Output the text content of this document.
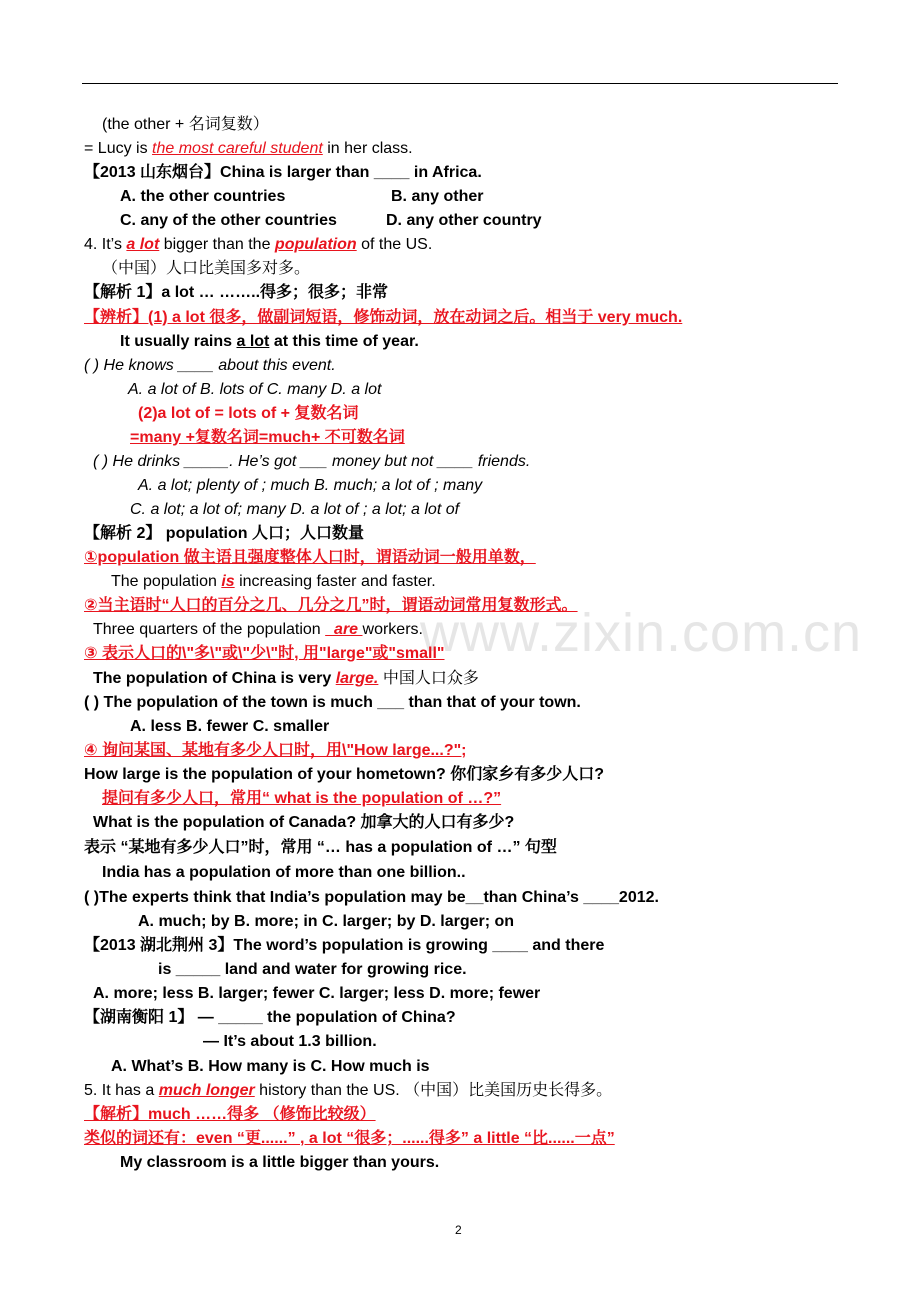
www.zixin.com.cn
(the other + 名词复数）
= Lucy is the most careful student in her class.
【2013 山东烟台】China is larger than ____ in Africa.
A. the other countries	B. any other
C. any of the other countries	D. any other country
4. It’s a lot bigger than the population of the US.
（中国）人口比美国多对多。
【解析 1】a lot … ……..得多；很多；非常
【辨析】(1) a lot 很多，做副词短语，修饰动词，放在动词之后。相当于 very much.
It usually rains a lot at this time of year.
( ) He knows ____ about this event.
A. a lot of B. lots of C. many D. a lot
(2)a lot of = lots of + 复数名词
=many +复数名词=much+ 不可数名词
( ) He drinks _____. He’s got ___ money but not ____ friends.
A. a lot; plenty of ; much B. much; a lot of ; many
C. a lot; a lot of; many D. a lot of ; a lot; a lot of
【解析 2】 population 人口；人口数量
①population 做主语且强度整体人口时，谓语动词一般用单数，
The population is increasing faster and faster.
②当主语时“人口的百分之几、几分之几”时，谓语动词常用复数形式。
Three quarters of the population   are workers.
③ 表示人口的\"多\"或\"少\"时, 用"large"或"small"
The population of China is very large. 中国人口众多
( ) The population of the town is much ___ than that of your town.
A. less B. fewer C. smaller
④ 询问某国、某地有多少人口时，用\"How large...?";
How large is the population of your hometown? 你们家乡有多少人口?
提问有多少人口，常用“ what is the population of …?”
What is the population of Canada? 加拿大的人口有多少?
表示 “某地有多少人口”时，常用 “… has a population of …” 句型
India has a population of more than one billion..
( )The experts think that India’s population may be__than China’s ____2012.
A. much; by B. more; in C. larger; by D. larger; on
【2013 湖北荆州 3】The word’s population is growing ____ and there
is _____ land and water for growing rice.
A. more; less B. larger; fewer C. larger; less D. more; fewer
【湖南衡阳 1】 — _____ the population of China?
— It’s about 1.3 billion.
A. What’s B. How many is C. How much is
5. It has a much longer history than the US. （中国）比美国历史长得多。
【解析】much ……得多 （修饰比较级）
类似的词还有：even “更......” , a lot “很多；......得多” a little “比......一点”
My classroom is a little bigger than yours.
2
